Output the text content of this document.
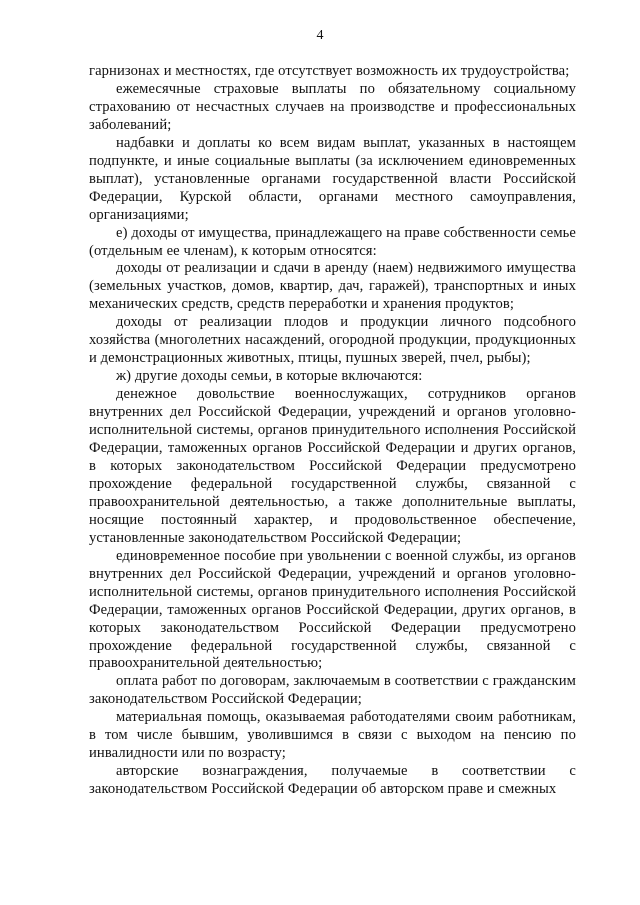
4

гарнизонах и местностях, где отсутствует возможность их трудоустройства;

ежемесячные страховые выплаты по обязательному социальному страхованию от несчастных случаев на производстве и профессиональных заболеваний;

надбавки и доплаты ко всем видам выплат, указанных в настоящем подпункте, и иные социальные выплаты (за исключением единовременных выплат), установленные органами государственной власти Российской Федерации, Курской области, органами местного самоуправления, организациями;

е) доходы от имущества, принадлежащего на праве собственности семье (отдельным ее членам), к которым относятся:

доходы от реализации и сдачи в аренду (наем) недвижимого имущества (земельных участков, домов, квартир, дач, гаражей), транспортных и иных механических средств, средств переработки и хранения продуктов;

доходы от реализации плодов и продукции личного подсобного хозяйства (многолетних насаждений, огородной продукции, продукционных и демонстрационных животных, птицы, пушных зверей, пчел, рыбы);

ж) другие доходы семьи, в которые включаются:

денежное довольствие военнослужащих, сотрудников органов внутренних дел Российской Федерации, учреждений и органов уголовно-исполнительной системы, органов принудительного исполнения Российской Федерации, таможенных органов Российской Федерации и других органов, в которых законодательством Российской Федерации предусмотрено прохождение федеральной государственной службы, связанной с правоохранительной деятельностью, а также дополнительные выплаты, носящие постоянный характер, и продовольственное обеспечение, установленные законодательством Российской Федерации;

единовременное пособие при увольнении с военной службы, из органов внутренних дел Российской Федерации, учреждений и органов уголовно-исполнительной системы, органов принудительного исполнения Российской Федерации, таможенных органов Российской Федерации, других органов, в которых законодательством Российской Федерации предусмотрено прохождение федеральной государственной службы, связанной с правоохранительной деятельностью;

оплата работ по договорам, заключаемым в соответствии с гражданским законодательством Российской Федерации;

материальная помощь, оказываемая работодателями своим работникам, в том числе бывшим, уволившимся в связи с выходом на пенсию по инвалидности или по возрасту;

авторские вознаграждения, получаемые в соответствии с законодательством Российской Федерации об авторском праве и смежных
